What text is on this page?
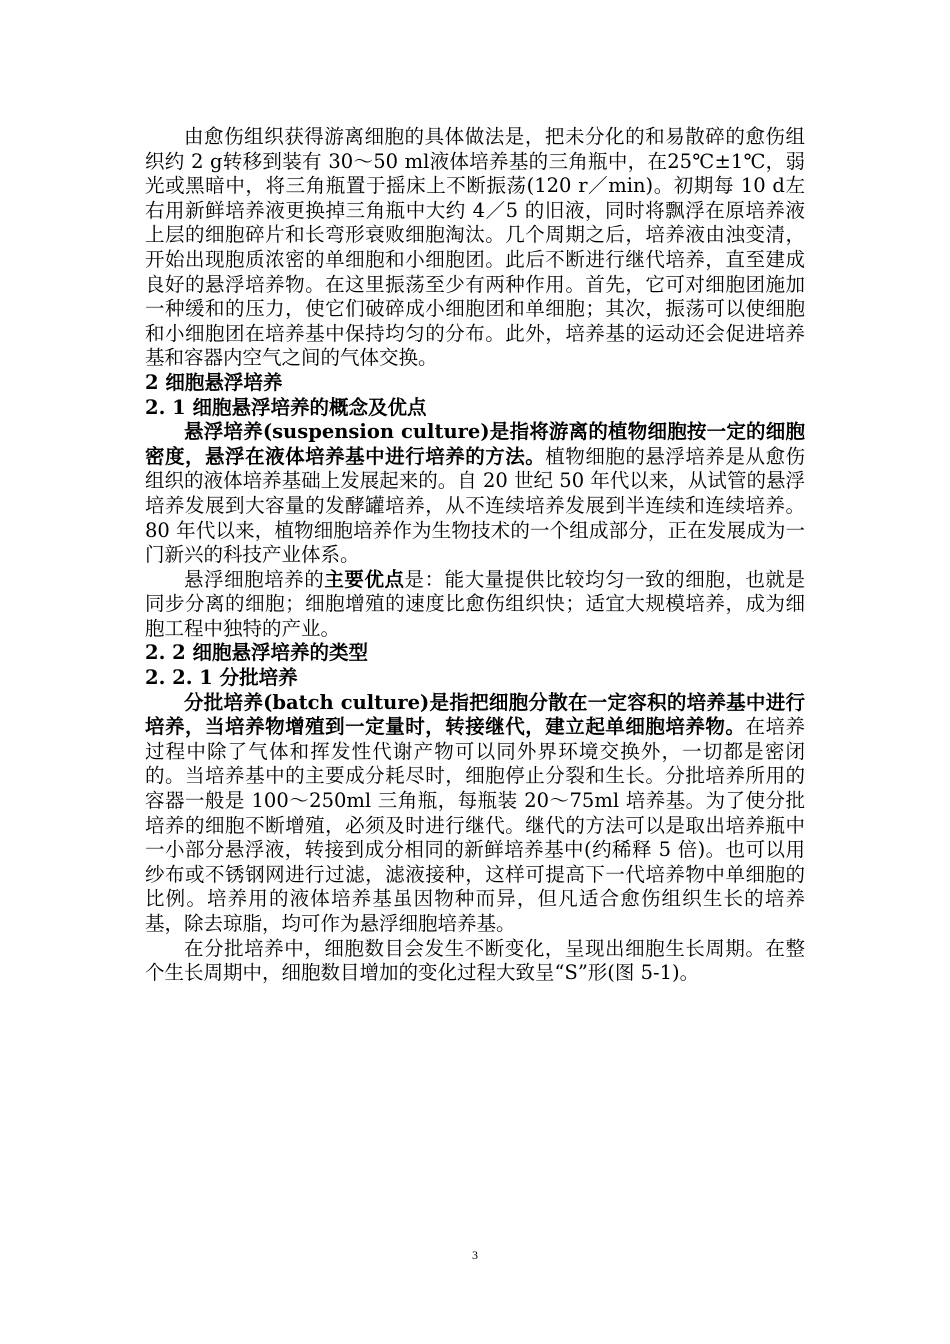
由愈伤组织获得游离细胞的具体做法是，把未分化的和易散碎的愈伤组织约 2 g转移到装有 30～50 ml液体培养基的三角瓶中，在25℃±1℃，弱光或黑暗中，将三角瓶置于摇床上不断振荡(120 r／min)。初期每 10 d左右用新鲜培养液更换掉三角瓶中大约 4／5 的旧液，同时将飘浮在原培养液上层的细胞碎片和长弯形衰败细胞淘汰。几个周期之后，培养液由浊变清，开始出现胞质浓密的单细胞和小细胞团。此后不断进行继代培养，直至建成良好的悬浮培养物。在这里振荡至少有两种作用。首先，它可对细胞团施加一种缓和的压力，使它们破碎成小细胞团和单细胞；其次，振荡可以使细胞和小细胞团在培养基中保持均匀的分布。此外，培养基的运动还会促进培养基和容器内空气之间的气体交换。

2 细胞悬浮培养

2. 1 细胞悬浮培养的概念及优点

悬浮培养(suspension culture)是指将游离的植物细胞按一定的细胞密度，悬浮在液体培养基中进行培养的方法。植物细胞的悬浮培养是从愈伤组织的液体培养基础上发展起来的。自 20 世纪 50 年代以来，从试管的悬浮培养发展到大容量的发酵罐培养，从不连续培养发展到半连续和连续培养。80 年代以来，植物细胞培养作为生物技术的一个组成部分，正在发展成为一门新兴的科技产业体系。

悬浮细胞培养的主要优点是：能大量提供比较均匀一致的细胞，也就是同步分离的细胞；细胞增殖的速度比愈伤组织快；适宜大规模培养，成为细胞工程中独特的产业。

2. 2 细胞悬浮培养的类型

2. 2. 1 分批培养

分批培养(batch culture)是指把细胞分散在一定容积的培养基中进行培养，当培养物增殖到一定量时，转接继代，建立起单细胞培养物。在培养过程中除了气体和挥发性代谢产物可以同外界环境交换外，一切都是密闭的。当培养基中的主要成分耗尽时，细胞停止分裂和生长。分批培养所用的容器一般是 100～250ml 三角瓶，每瓶装 20～75ml 培养基。为了使分批培养的细胞不断增殖，必须及时进行继代。继代的方法可以是取出培养瓶中一小部分悬浮液，转接到成分相同的新鲜培养基中(约稀释 5 倍)。也可以用纱布或不锈钢网进行过滤，滤液接种，这样可提高下一代培养物中单细胞的比例。培养用的液体培养基虽因物种而异，但凡适合愈伤组织生长的培养基，除去琼脂，均可作为悬浮细胞培养基。

在分批培养中，细胞数目会发生不断变化，呈现出细胞生长周期。在整个生长周期中，细胞数目增加的变化过程大致呈“S”形(图 5-1)。

3
